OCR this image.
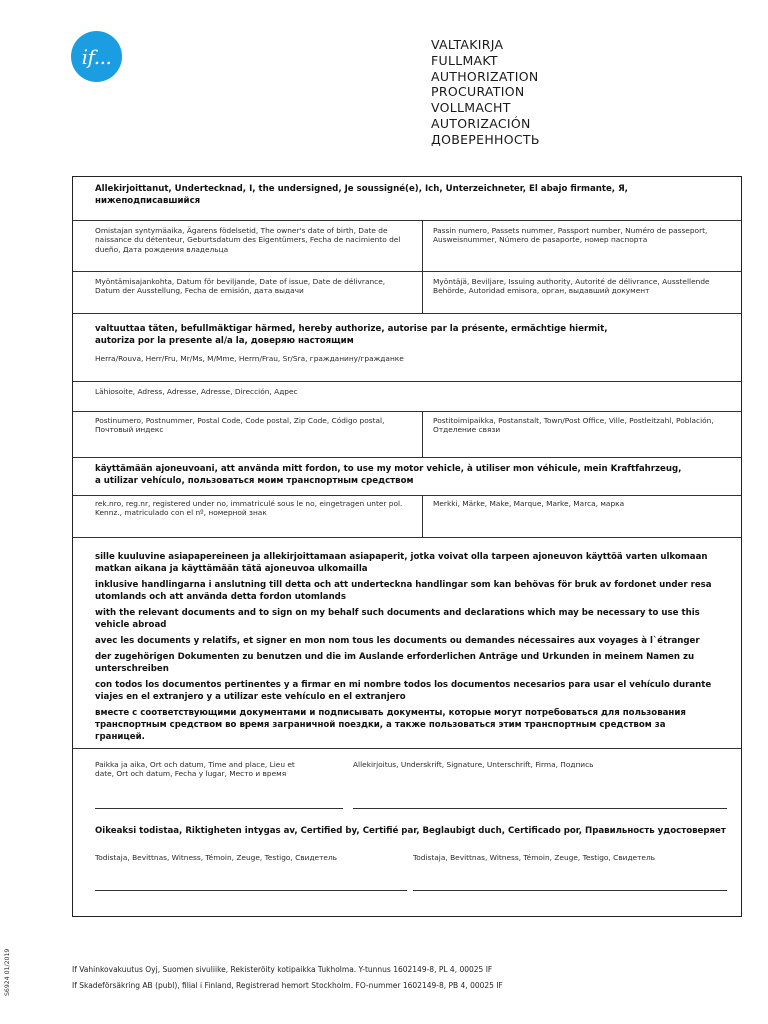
if...	VALTAKIRJA
FULLMAKT
AUTHORIZATION
PROCURATION
VOLLMACHT
AUTORIZACIÓN
ДОВЕРЕННОСТЬ
Allekirjoittanut, Undertecknad, I, the undersigned, Je soussigné(e), Ich, Unterzeichneter, El abajo firmante, Я, нижеподписавшийся
Omistajan syntymäaika, Ägarens födelsetid, The owner's date of birth, Date de naissance du détenteur, Geburtsdatum des Eigentümers, Fecha de nacimiento del dueño, Дата рождения владельца
Passin numero, Passets nummer, Passport number, Numéro de passeport, Ausweisnummer, Número de pasaporte, номер паспорта
Myöntämisajankohta, Datum för beviljande, Date of issue, Date de délivrance, Datum der Ausstellung, Fecha de emisión, дата выдачи
Myöntäjä, Beviljare, Issuing authority, Autorité de délivrance, Ausstellende Behörde, Autoridad emisora, орган, выдавший документ
valtuuttaa täten, befullmäktigar härmed, hereby authorize, autorise par la présente, ermächtige hiermit,
autoriza por la presente al/a la, доверяю настоящим
Herra/Rouva, Herr/Fru, Mr/Ms, M/Mme, Herrn/Frau, Sr/Sra, гражданину/гражданке
Lähiosoite, Adress, Adresse, Adresse, Dirección, Адрес
Postinumero, Postnummer, Postal Code, Code postal, Zip Code, Código postal, Почтовый индекс
Postitoimipaikka, Postanstalt, Town/Post Office, Ville, Postleitzahl, Población, Отделение связи
käyttämään ajoneuvoani, att använda mitt fordon, to use my motor vehicle, à utiliser mon véhicule, mein Kraftfahrzeug,
a utilizar vehículo, пользоваться моим транспортным средством
rek.nro, reg.nr, registered under no, immatriculé sous le no, eingetragen unter pol. Kennz., matriculado con el nº, номерной знак
Merkki, Märke, Make, Marque, Marke, Marca, марка

sille kuuluvine asiapapereineen ja allekirjoittamaan asiapaperit, jotka voivat olla tarpeen ajoneuvon käyttöä varten ulkomaan matkan aikana ja käyttämään tätä ajoneuvoa ulkomailla

inklusive handlingarna i anslutning till detta och att underteckna handlingar som kan behövas för bruk av fordonet under resa utomlands och att använda detta fordon utomlands

with the relevant documents and to sign on my behalf such documents and declarations which may be necessary to use this vehicle abroad

avec les documents y relatifs, et signer en mon nom tous les documents ou demandes nécessaires aux voyages à l`étranger

der zugehörigen Dokumenten zu benutzen und die im Auslande erforderlichen Anträge und Urkunden in meinem Namen zu unterschreiben

con todos los documentos pertinentes y a firmar en mi nombre todos los documentos necesarios para usar el vehículo durante viajes en el extranjero y a utilizar este vehículo en el extranjero

вместе с соответствующими документами и подписывать документы, которые могут потребоваться для пользования транспортным средством во время заграничной поездки, а также пользоваться этим транспортным средством за границей.

Paikka ja aika, Ort och datum, Time and place, Lieu et date, Ort och datum, Fecha y lugar, Место и время
Allekirjoitus, Underskrift, Signature, Unterschrift, Firma, Подпись
Oikeaksi todistaa, Riktigheten intygas av, Certified by, Certifié par, Beglaubigt duch, Certificado por, Правильность удостоверяет
Todistaja, Bevittnas, Witness, Témoin, Zeuge, Testigo, Свидетель	Todistaja, Bevittnas, Witness, Témoin, Zeuge, Testigo, Свидетель
If Vahinkovakuutus Oyj, Suomen sivuliike, Rekisteröity kotipaikka Tukholma. Y-tunnus 1602149-8, PL 4, 00025 IF
If Skadeförsäkring AB (publ), filial i Finland, Registrerad hemort Stockholm. FO-nummer 1602149-8, PB 4, 00025 IF
S6924 01/2019
